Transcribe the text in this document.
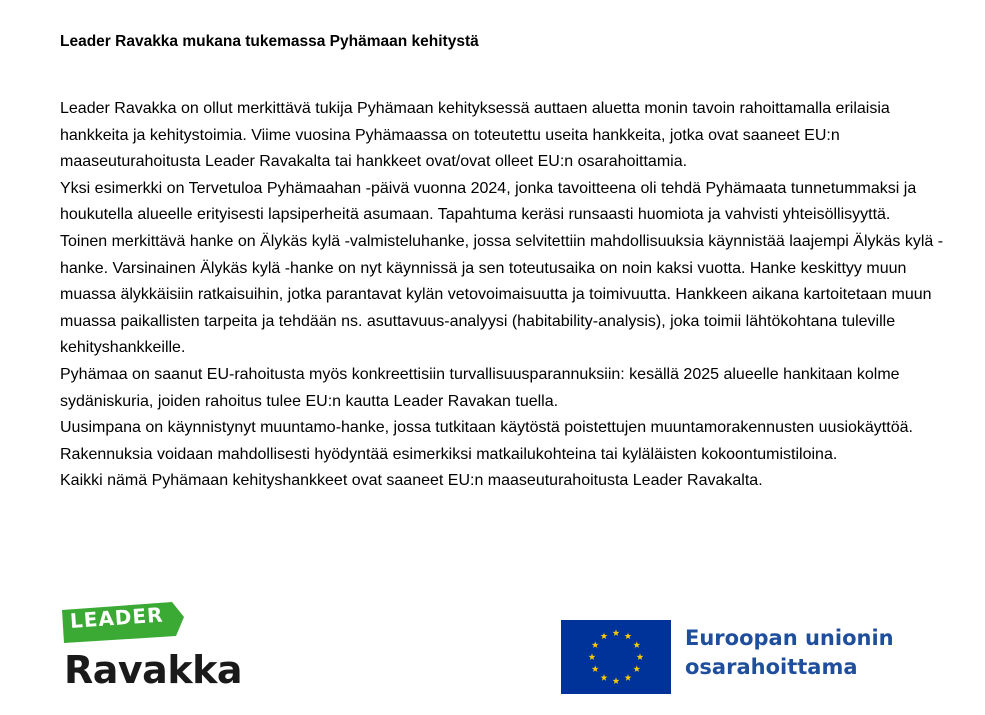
Leader Ravakka mukana tukemassa Pyhämaan kehitystä

Leader Ravakka on ollut merkittävä tukija Pyhämaan kehityksessä auttaen aluetta monin tavoin rahoittamalla erilaisia hankkeita ja kehitystoimia. Viime vuosina Pyhämaassa on toteutettu useita hankkeita, jotka ovat saaneet EU:n maaseuturahoitusta Leader Ravakalta tai hankkeet ovat/ovat olleet EU:n osarahoittamia.

Yksi esimerkki on Tervetuloa Pyhämaahan -päivä vuonna 2024, jonka tavoitteena oli tehdä Pyhämaata tunnetummaksi ja houkutella alueelle erityisesti lapsiperheitä asumaan. Tapahtuma keräsi runsaasti huomiota ja vahvisti yhteisöllisyyttä.

Toinen merkittävä hanke on Älykäs kylä -valmisteluhanke, jossa selvitettiin mahdollisuuksia käynnistää laajempi Älykäs kylä -hanke. Varsinainen Älykäs kylä -hanke on nyt käynnissä ja sen toteutusaika on noin kaksi vuotta. Hanke keskittyy muun muassa älykkäisiin ratkaisuihin, jotka parantavat kylän vetovoimaisuutta ja toimivuutta. Hankkeen aikana kartoitetaan muun muassa paikallisten tarpeita ja tehdään ns. asuttavuus-analyysi (habitability-analysis), joka toimii lähtökohtana tuleville kehityshankkeille.

Pyhämaa on saanut EU-rahoitusta myös konkreettisiin turvallisuusparannuksiin: kesällä 2025 alueelle hankitaan kolme sydäniskuria, joiden rahoitus tulee EU:n kautta Leader Ravakan tuella.

Uusimpana on käynnistynyt muuntamo-hanke, jossa tutkitaan käytöstä poistettujen muuntamorakennusten uusiokäyttöä. Rakennuksia voidaan mahdollisesti hyödyntää esimerkiksi matkailukohteina tai kyläläisten kokoontumistiloina.

Kaikki nämä Pyhämaan kehityshankkeet ovat saaneet EU:n maaseuturahoitusta Leader Ravakalta.

LEADER
Ravakka
Euroopan unionin
osarahoittama
